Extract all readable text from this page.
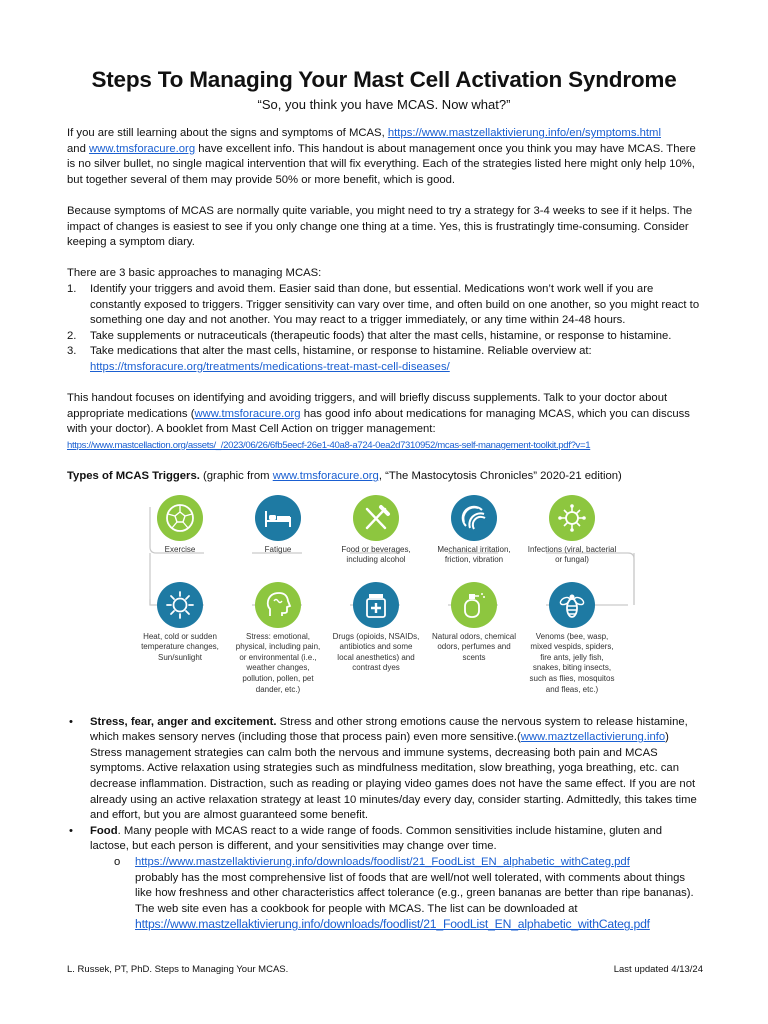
Steps To Managing Your Mast Cell Activation Syndrome
“So, you think you have MCAS. Now what?”

If you are still learning about the signs and symptoms of MCAS, https://www.mastzellaktivierung.info/en/symptoms.html
and www.tmsforacure.org have excellent info. This handout is about management once you think you may have MCAS. There is no silver bullet, no single magical intervention that will fix everything. Each of the strategies listed here might only help 10%, but together several of them may provide 50% or more benefit, which is good.

Because symptoms of MCAS are normally quite variable, you might need to try a strategy for 3-4 weeks to see if it helps. The impact of changes is easiest to see if you only change one thing at a time. Yes, this is frustratingly time-consuming. Consider keeping a symptom diary.

There are 3 basic approaches to managing MCAS:
1. Identify your triggers and avoid them. Easier said than done, but essential. Medications won’t work well if you are constantly exposed to triggers. Trigger sensitivity can vary over time, and often build on one another, so you might react to something one day and not another. You may react to a trigger immediately, or any time within 24-48 hours.
2. Take supplements or nutraceuticals (therapeutic foods) that alter the mast cells, histamine, or response to histamine.
3. Take medications that alter the mast cells, histamine, or response to histamine. Reliable overview at:
https://tmsforacure.org/treatments/medications-treat-mast-cell-diseases/

This handout focuses on identifying and avoiding triggers, and will briefly discuss supplements. Talk to your doctor about appropriate medications (www.tmsforacure.org has good info about medications for managing MCAS, which you can discuss with your doctor). A booklet from Mast Cell Action on trigger management:
https://www.mastcellaction.org/assets/_/2023/06/26/6fb5eecf-26e1-40a8-a724-0ea2d7310952/mcas-self-management-toolkit.pdf?v=1

Types of MCAS Triggers. (graphic from www.tmsforacure.org, “The Mastocytosis Chronicles” 2020-21 edition)
Exercise	Fatigue	Food or beverages, including alcohol
Mechanical irritation, friction, vibration
Infections (viral, bacterial or fungal)
Heat, cold or sudden temperature changes, Sun/sunlight
Stress: emotional, physical, including pain, or environmental (i.e., weather changes, pollution, pollen, pet dander, etc.)
Drugs (opioids, NSAIDs, antibiotics and some local anesthetics) and contrast dyes
Natural odors, chemical odors, perfumes and scents
Venoms (bee, wasp, mixed vespids, spiders, fire ants, jelly fish, snakes, biting insects, such as flies, mosquitos and fleas, etc.)
• Stress, fear, anger and excitement. Stress and other strong emotions cause the nervous system to release histamine, which makes sensory nerves (including those that process pain) even more sensitive.(www.maztzellactivierung.info) Stress management strategies can calm both the nervous and immune systems, decreasing both pain and MCAS symptoms. Active relaxation using strategies such as mindfulness meditation, slow breathing, yoga breathing, etc. can decrease inflammation. Distraction, such as reading or playing video games does not have the same effect. If you are not already using an active relaxation strategy at least 10 minutes/day every day, consider starting. Admittedly, this takes time and effort, but you are almost guaranteed some benefit.
• Food. Many people with MCAS react to a wide range of foods. Common sensitivities include histamine, gluten and lactose, but each person is different, and your sensitivities may change over time.
o https://www.mastzellaktivierung.info/downloads/foodlist/21_FoodList_EN_alphabetic_withCateg.pdf
probably has the most comprehensive list of foods that are well/not well tolerated, with comments about things like how freshness and other characteristics affect tolerance (e.g., green bananas are better than ripe bananas). The web site even has a cookbook for people with MCAS. The list can be downloaded at
https://www.mastzellaktivierung.info/downloads/foodlist/21_FoodList_EN_alphabetic_withCateg.pdf
L. Russek, PT, PhD. Steps to Managing Your MCAS.	Last updated 4/13/24
